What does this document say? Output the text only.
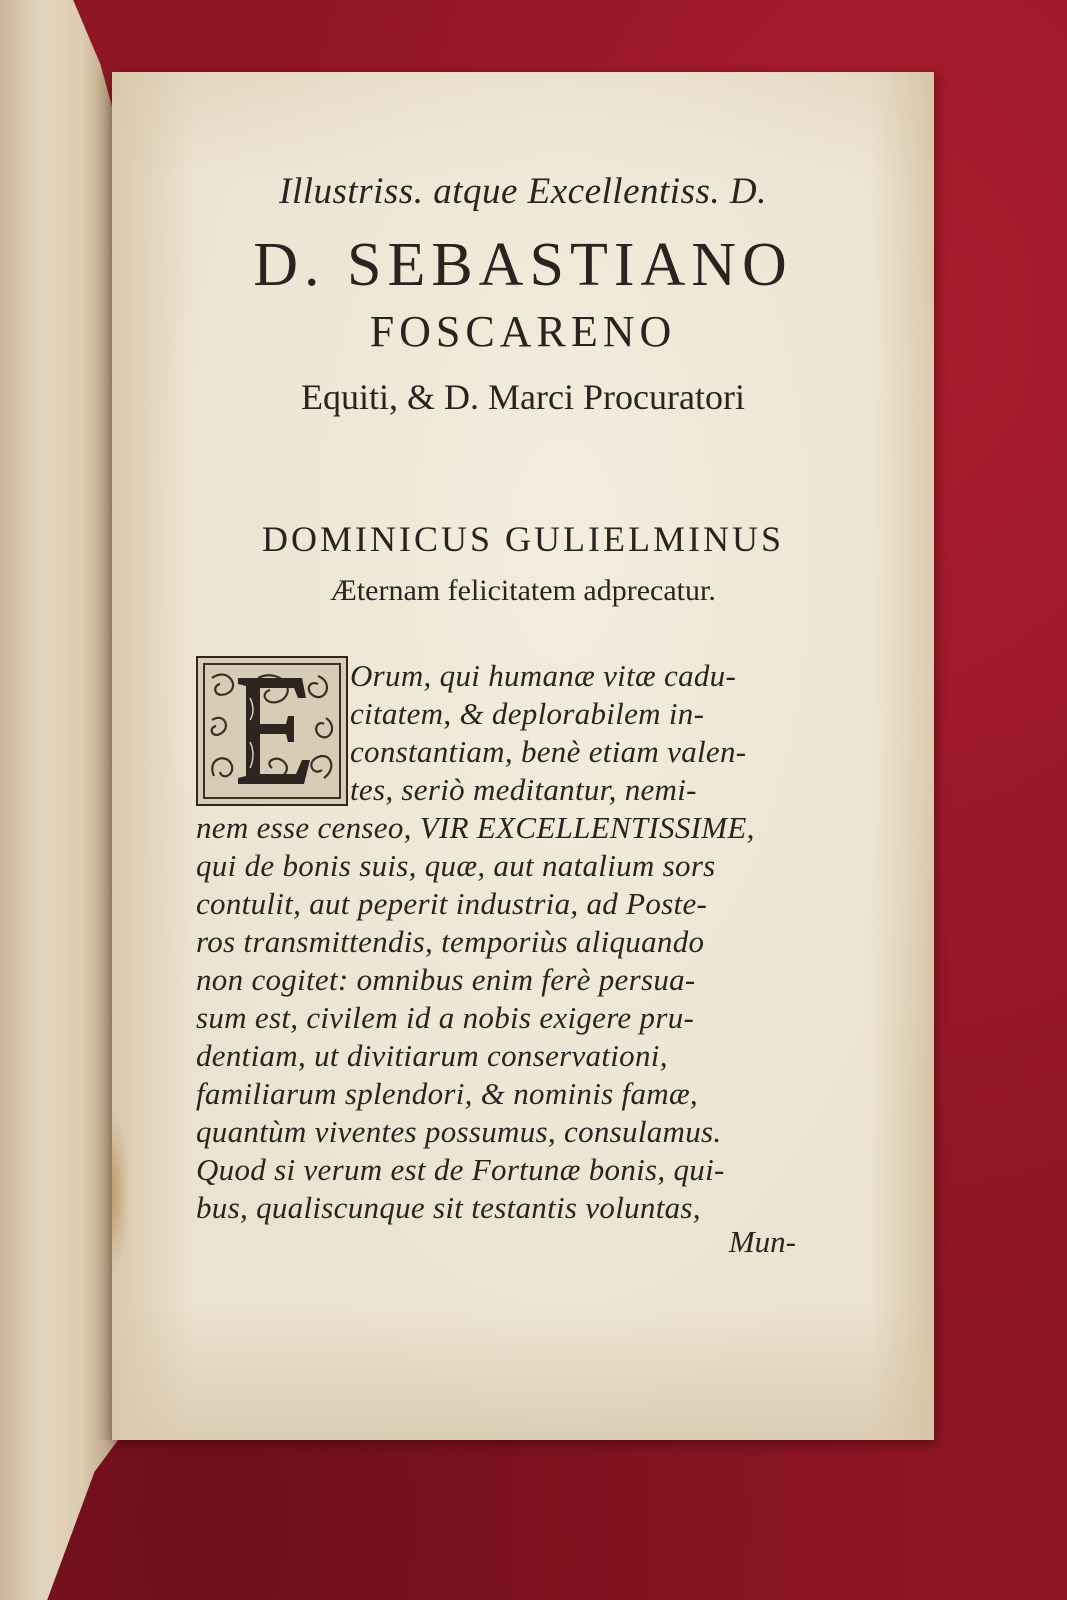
Illustriss. atque Excellentiss. D.
D. SEBASTIANO
FOSCARENO
Equiti, & D. Marci Procuratori
DOMINICUS GULIELMINUS
Æternam felicitatem adprecatur.
Orum, qui humanæ vitæ cadu-
citatem, & deplorabilem in-
constantiam, benè etiam valen-
tes, seriò meditantur, nemi-
nem esse censeo, VIR EXCELLENTISSIME,
qui de bonis suis, quæ, aut natalium sors
contulit, aut peperit industria, ad Poste-
ros transmittendis, temporiùs aliquando
non cogitet: omnibus enim ferè persua-
sum est, civilem id a nobis exigere pru-
dentiam, ut divitiarum conservationi,
familiarum splendori, & nominis famæ,
quantùm viventes possumus, consulamus.
Quod si verum est de Fortunæ bonis, qui-
bus, qualiscunque sit testantis voluntas,
Mun-
